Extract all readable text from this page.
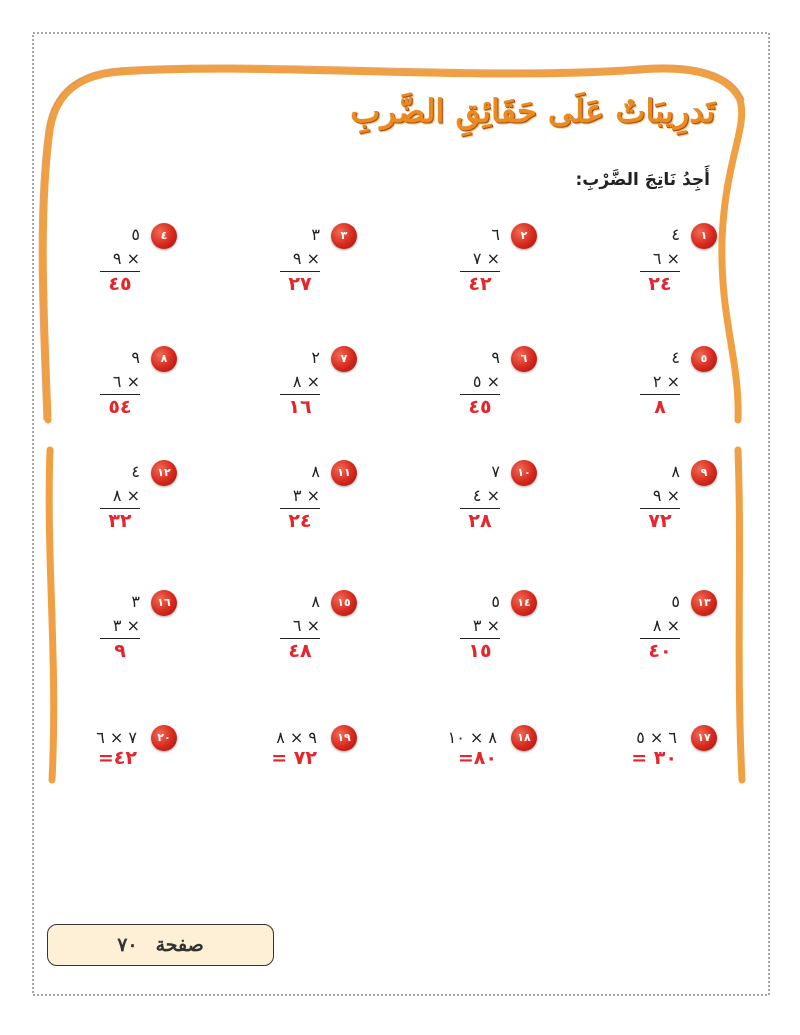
تَدرِيبَاتٌ عَلَى حَقَائِقِ الضَّربِ
أَجِدُ نَاتِجَ الضَّرْبِ:
١
٤
٦ ×
٢٤
٢
٦
٧ ×
٤٢
٣
٣
٩ ×
٢٧
٤
٥
٩ ×
٤٥
٥
٤
٢ ×
٨
٦
٩
٥ ×
٤٥
٧
٢
٨ ×
١٦
٨
٩
٦ ×
٥٤
٩
٨
٩ ×
٧٢
١٠
٧
٤ ×
٢٨
١١
٨
٣ ×
٢٤
١٢
٤
٨ ×
٣٢
١٣
٥
٨ ×
٤٠
١٤
٥
٣ ×
١٥
١٥
٨
٦ ×
٤٨
١٦
٣
٣ ×
٩
١٧
٦ × ٥
= ٣٠
١٨
٨ × ١٠
=٨٠
١٩
٩ × ٨
= ٧٢
٢٠
٧ × ٦
=٤٢
صفحة
٧٠
